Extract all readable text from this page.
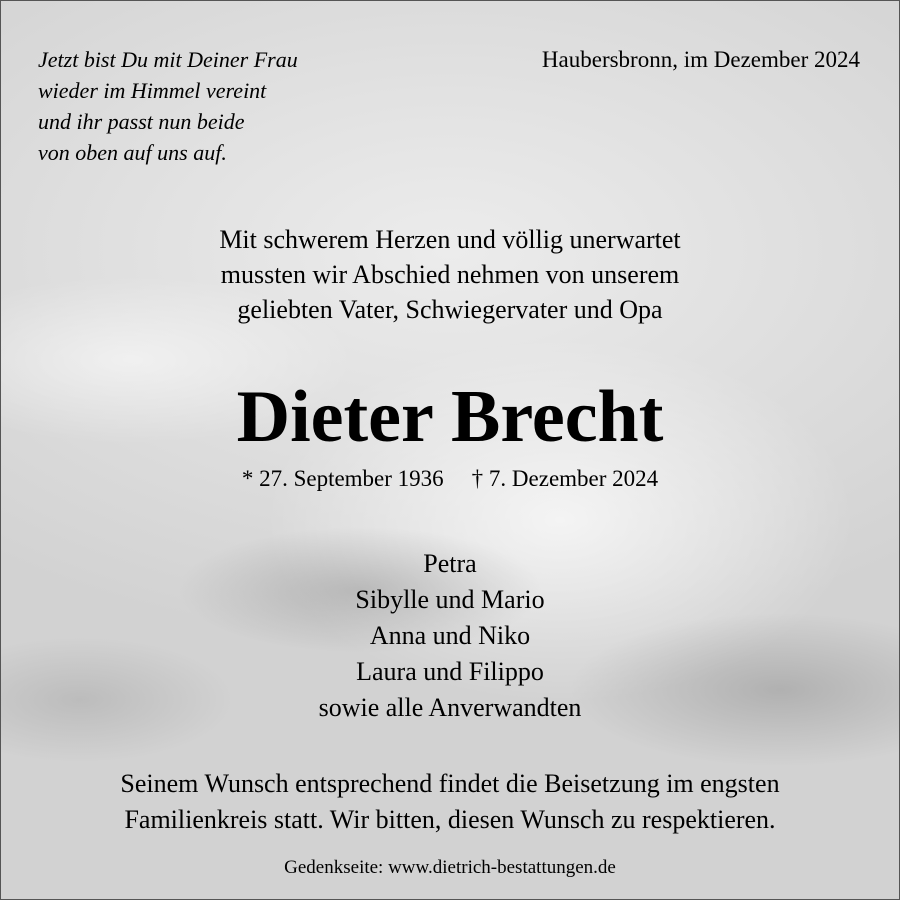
Jetzt bist Du mit Deiner Frau
wieder im Himmel vereint
und ihr passt nun beide
von oben auf uns auf.
Haubersbronn, im Dezember 2024
Mit schwerem Herzen und völlig unerwartet
mussten wir Abschied nehmen von unserem
geliebten Vater, Schwiegervater und Opa
Dieter Brecht
* 27. September 1936 † 7. Dezember 2024
Petra
Sibylle und Mario
Anna und Niko
Laura und Filippo
sowie alle Anverwandten
Seinem Wunsch entsprechend findet die Beisetzung im engsten
Familienkreis statt. Wir bitten, diesen Wunsch zu respektieren.
Gedenkseite: www.dietrich-bestattungen.de
